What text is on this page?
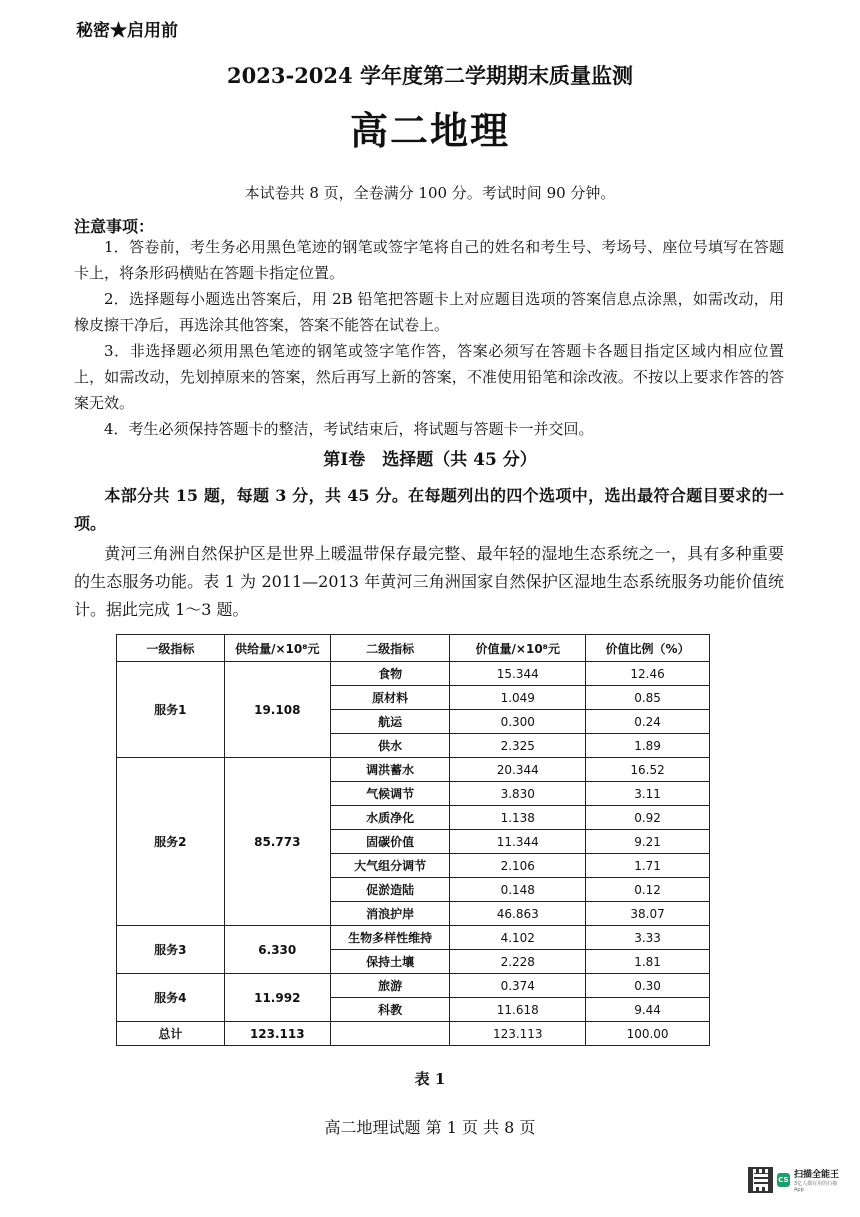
秘密★启用前
2023-2024 学年度第二学期期末质量监测
高二地理
本试卷共 8 页，全卷满分 100 分。考试时间 90 分钟。
注意事项：
1．答卷前，考生务必用黑色笔迹的钢笔或签字笔将自己的姓名和考生号、考场号、座位号填写在答题卡上，将条形码横贴在答题卡指定位置。
2．选择题每小题选出答案后，用 2B 铅笔把答题卡上对应题目选项的答案信息点涂黑，如需改动，用橡皮擦干净后，再选涂其他答案，答案不能答在试卷上。
3．非选择题必须用黑色笔迹的钢笔或签字笔作答，答案必须写在答题卡各题目指定区域内相应位置上，如需改动，先划掉原来的答案，然后再写上新的答案，不准使用铅笔和涂改液。不按以上要求作答的答案无效。
4．考生必须保持答题卡的整洁，考试结束后，将试题与答题卡一并交回。
第Ⅰ卷　选择题（共 45 分）
本部分共 15 题，每题 3 分，共 45 分。在每题列出的四个选项中，选出最符合题目要求的一项。
黄河三角洲自然保护区是世界上暖温带保存最完整、最年轻的湿地生态系统之一，具有多种重要的生态服务功能。表 1 为 2011—2013 年黄河三角洲国家自然保护区湿地生态系统服务功能价值统计。据此完成 1～3 题。
一级指标	供给量/×10⁸元	二级指标	价值量/×10⁸元	价值比例（%）
服务1	19.108	食物	15.344	12.46
		原材料	1.049	0.85
		航运	0.300	0.24
		供水	2.325	1.89
服务2	85.773	调洪蓄水	20.344	16.52
		气候调节	3.830	3.11
		水质净化	1.138	0.92
		固碳价值	11.344	9.21
		大气组分调节	2.106	1.71
		促淤造陆	0.148	0.12
		消浪护岸	46.863	38.07
服务3	6.330	生物多样性维持	4.102	3.33
		保持土壤	2.228	1.81
服务4	11.992	旅游	0.374	0.30
		科教	11.618	9.44
总计	123.113		123.113	100.00
表 1
高二地理试题 第 1 页 共 8 页
CS 扫描全能王
3亿人都在用的扫描App
